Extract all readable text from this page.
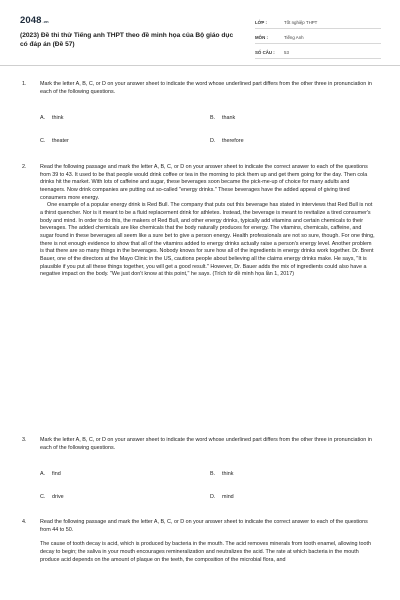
2048.vn
(2023) Đề thi thử Tiếng anh THPT theo đề minh họa của Bộ giáo dục có đáp án (Đề 57)
LỚP :	Tốt nghiệp THPT
MÔN :	Tiếng Anh
SỐ CÂU :	53
1.	Mark the letter A, B, C, or D on your answer sheet to indicate the word whose underlined part differs from the other three in pronunciation in each of the following questions.
A. think	B. thank
C. theater	D. therefore
2.	Read the following passage and mark the letter A, B, C, or D on your answer sheet to indicate the correct answer to each of the questions from 39 to 43. It used to be that people would drink coffee or tea in the morning to pick them up and get them going for the day. Then cola drinks hit the market. With lots of caffeine and sugar, these beverages soon became the pick-me-up of choice for many adults and teenagers. Now drink companies are putting out so-called "energy drinks." These beverages have the added appeal of giving tired consumers more energy.

One example of a popular energy drink is Red Bull. The company that puts out this beverage has stated in interviews that Red Bull is not a thirst quencher. Nor is it meant to be a fluid replacement drink for athletes. Instead, the beverage is meant to revitalize a tired consumer's body and mind. In order to do this, the makers of Red Bull, and other energy drinks, typically add vitamins and certain chemicals to their beverages. The added chemicals are like chemicals that the body naturally produces for energy. The vitamins, chemicals, caffeine, and sugar found in these beverages all seem like a sure bet to give a person energy. Health professionals are not so sure, though. For one thing, there is not enough evidence to show that all of the vitamins added to energy drinks actually raise a person's energy level. Another problem is that there are so many things in the beverages. Nobody knows for sure how all of the ingredients in energy drinks work together. Dr. Brent Bauer, one of the directors at the Mayo Clinic in the US, cautions people about believing all the claims energy drinks make. He says, "It is plausible if you put all these things together, you will get a good result." However, Dr. Bauer adds the mix of ingredients could also have a negative impact on the body. "We just don't know at this point," he says. (Trích từ đề minh họa lần 1, 2017)

3.	Mark the letter A, B, C, or D on your answer sheet to indicate the word whose underlined part differs from the other three in pronunciation in each of the following questions.
A. find	B. think
C. drive	D. mind
4.	Read the following passage and mark the letter A, B, C, or D on your answer sheet to indicate the correct answer to each of the questions from 44 to 50.

The cause of tooth decay is acid, which is produced by bacteria in the mouth. The acid removes minerals from tooth enamel, allowing tooth decay to begin; the saliva in your mouth encourages remineralization and neutralizes the acid. The rate at which bacteria in the mouth produce acid depends on the amount of plaque on the teeth, the composition of the microbial flora, and
